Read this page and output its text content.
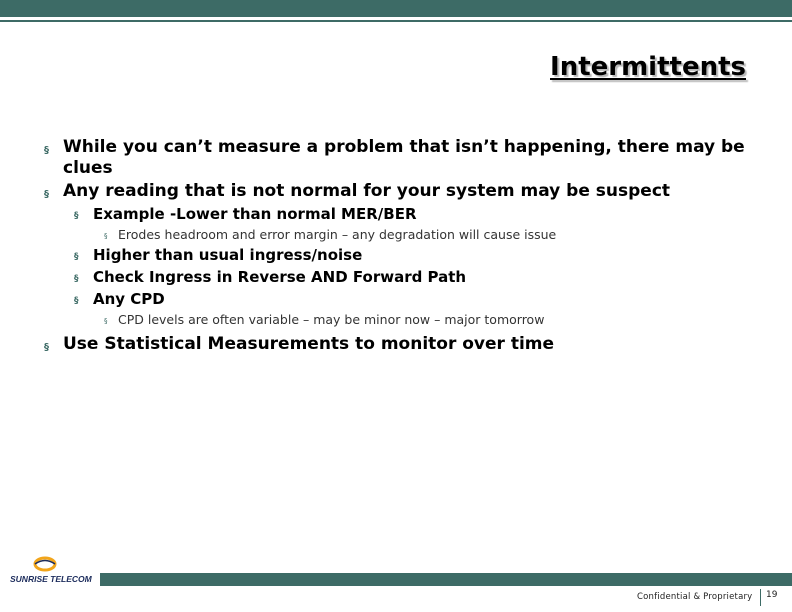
Intermittents
§ While you can’t measure a problem that isn’t happening, there may be clues
§ Any reading that is not normal for your system may be suspect
§ Example -Lower than normal MER/BER
§ Erodes headroom and error margin – any degradation will cause issue
§ Higher than usual ingress/noise
§ Check Ingress in Reverse AND Forward Path
§ Any CPD
§ CPD levels are often variable – may be minor now – major tomorrow
§ Use Statistical Measurements to monitor over time
SUNRISE TELECOM
Confidential & Proprietary 19
